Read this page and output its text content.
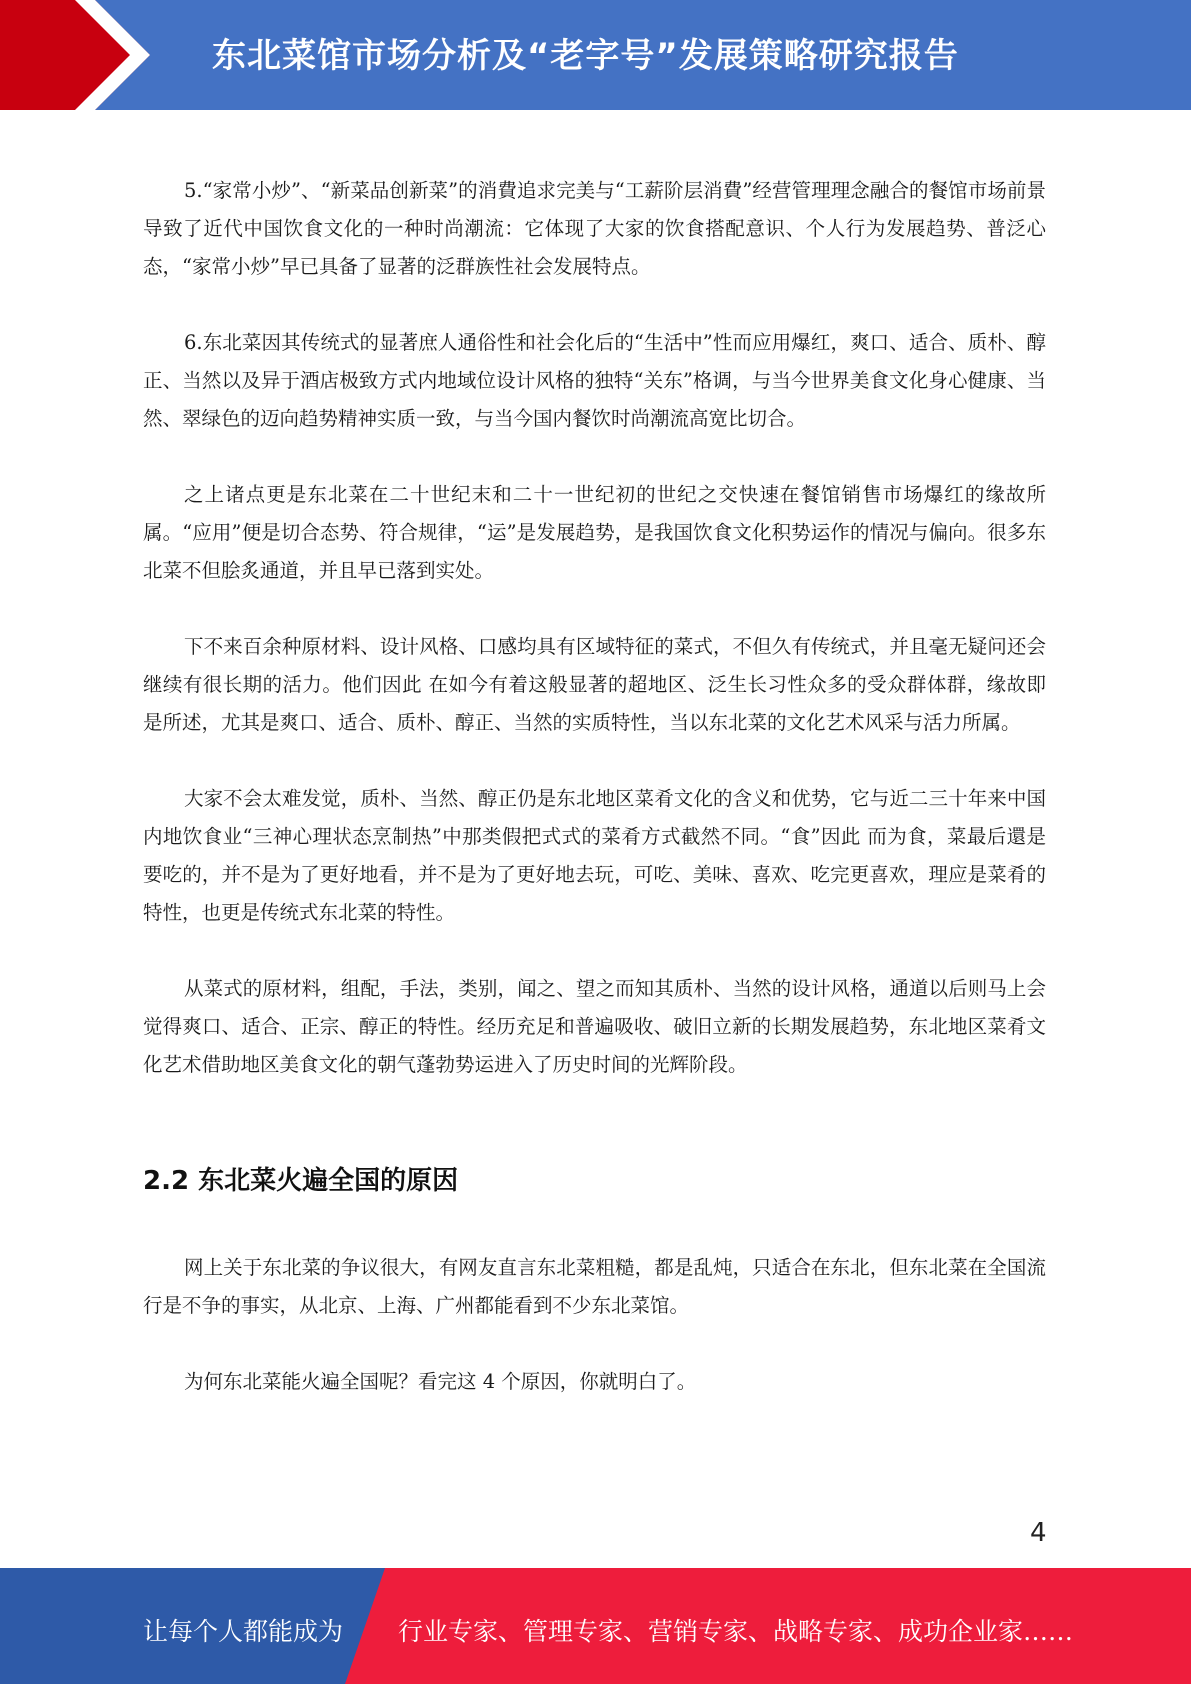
东北菜馆市场分析及“老字号”发展策略研究报告

5.“家常小炒”、“新菜品创新菜”的消費追求完美与“工薪阶层消費”经营管理理念融合的餐馆市场前景导致了近代中国饮食文化的一种时尚潮流：它体现了大家的饮食搭配意识、个人行为发展趋势、普泛心态，“家常小炒”早已具备了显著的泛群族性社会发展特点。

6.东北菜因其传统式的显著庶人通俗性和社会化后的“生活中”性而应用爆红，爽口、适合、质朴、醇正、当然以及异于酒店极致方式内地域位设计风格的独特“关东”格调，与当今世界美食文化身心健康、当然、翠绿色的迈向趋势精神实质一致，与当今国内餐饮时尚潮流高宽比切合。

之上诸点更是东北菜在二十世纪末和二十一世纪初的世纪之交快速在餐馆销售市场爆红的缘故所属。“应用”便是切合态势、符合规律，“运”是发展趋势，是我国饮食文化积势运作的情况与偏向。很多东北菜不但脍炙通道，并且早已落到实处。

下不来百余种原材料、设计风格、口感均具有区域特征的菜式，不但久有传统式，并且毫无疑问还会继续有很长期的活力。他们因此 在如今有着这般显著的超地区、泛生长习性众多的受众群体群，缘故即是所述，尤其是爽口、适合、质朴、醇正、当然的实质特性，当以东北菜的文化艺术风采与活力所属。

大家不会太难发觉，质朴、当然、醇正仍是东北地区菜肴文化的含义和优势，它与近二三十年来中国内地饮食业“三神心理状态烹制热”中那类假把式式的菜肴方式截然不同。“食”因此 而为食，菜最后還是要吃的，并不是为了更好地看，并不是为了更好地去玩，可吃、美味、喜欢、吃完更喜欢，理应是菜肴的特性，也更是传统式东北菜的特性。

从菜式的原材料，组配，手法，类别，闻之、望之而知其质朴、当然的设计风格，通道以后则马上会觉得爽口、适合、正宗、醇正的特性。经历充足和普遍吸收、破旧立新的长期发展趋势，东北地区菜肴文化艺术借助地区美食文化的朝气蓬勃势运进入了历史时间的光辉阶段。

2.2 东北菜火遍全国的原因

网上关于东北菜的争议很大，有网友直言东北菜粗糙，都是乱炖，只适合在东北，但东北菜在全国流行是不争的事实，从北京、上海、广州都能看到不少东北菜馆。

为何东北菜能火遍全国呢？看完这 4 个原因，你就明白了。

4
让每个人都能成为 行业专家、管理专家、营销专家、战略专家、成功企业家……
